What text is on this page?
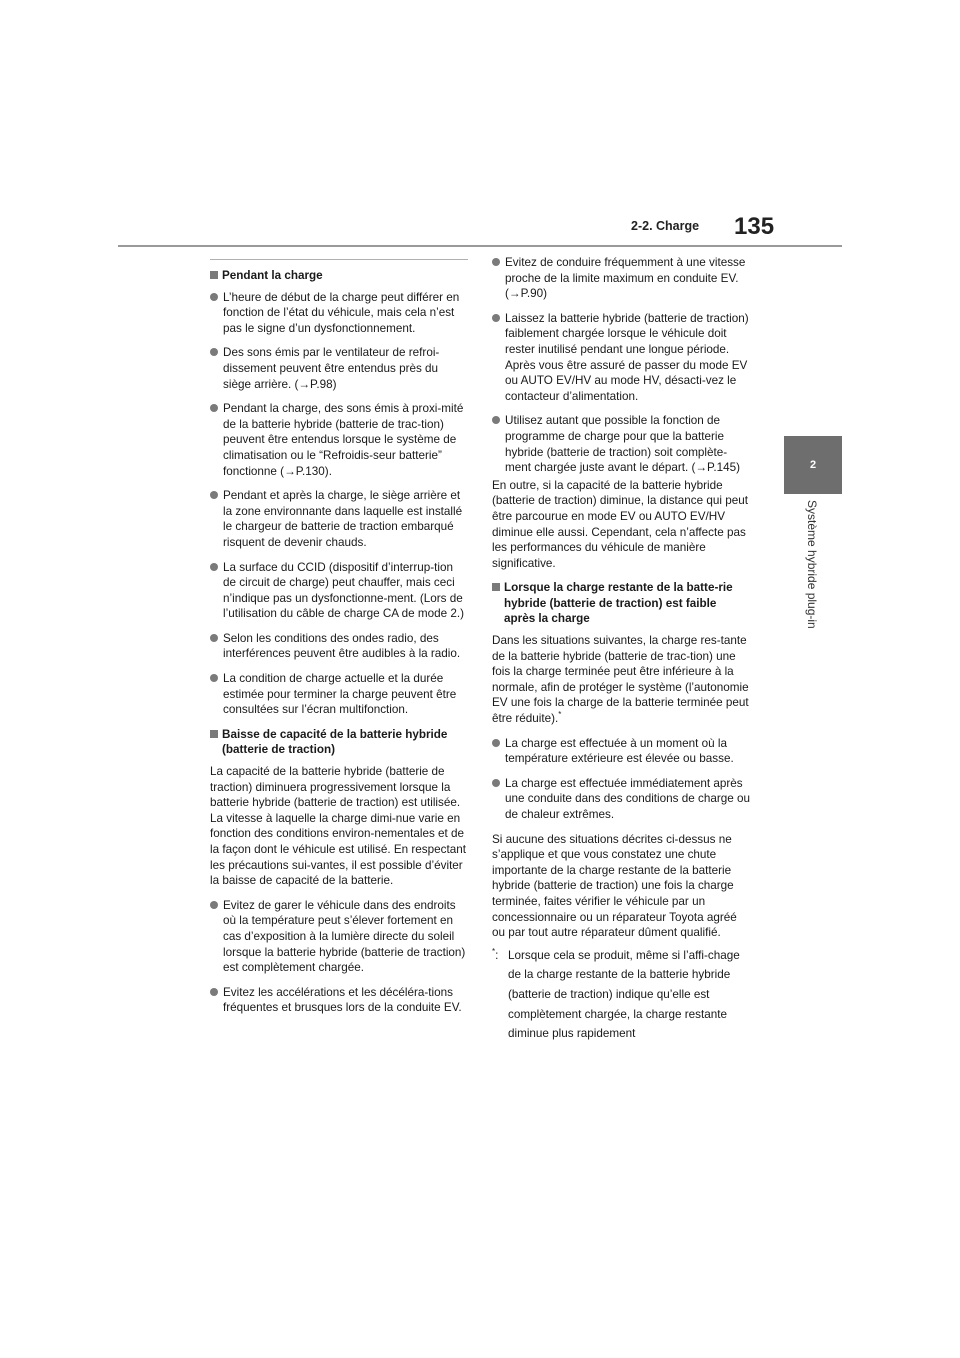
2-2. Charge 135
2
Système hybride plug-in
Pendant la charge
L’heure de début de la charge peut différer en fonction de l’état du véhicule, mais cela n’est pas le signe d’un dysfonctionnement.
Des sons émis par le ventilateur de refroi-dissement peuvent être entendus près du siège arrière. (→P.98)
Pendant la charge, des sons émis à proxi-mité de la batterie hybride (batterie de trac-tion) peuvent être entendus lorsque le système de climatisation ou le “Refroidis-seur batterie” fonctionne (→P.130).
Pendant et après la charge, le siège arrière et la zone environnante dans laquelle est installé le chargeur de batterie de traction embarqué risquent de devenir chauds.
La surface du CCID (dispositif d’interrup-tion de circuit de charge) peut chauffer, mais ceci n’indique pas un dysfonctionne-ment. (Lors de l’utilisation du câble de charge CA de mode 2.)
Selon les conditions des ondes radio, des interférences peuvent être audibles à la radio.
La condition de charge actuelle et la durée estimée pour terminer la charge peuvent être consultées sur l’écran multifonction.
Baisse de capacité de la batterie hybride (batterie de traction)
La capacité de la batterie hybride (batterie de traction) diminuera progressivement lorsque la batterie hybride (batterie de traction) est utilisée. La vitesse à laquelle la charge dimi-nue varie en fonction des conditions environ-nementales et de la façon dont le véhicule est utilisé. En respectant les précautions sui-vantes, il est possible d’éviter la baisse de capacité de la batterie.
Evitez de garer le véhicule dans des endroits où la température peut s’élever fortement en cas d’exposition à la lumière directe du soleil lorsque la batterie hybride (batterie de traction) est complètement chargée.
Evitez les accélérations et les décéléra-tions fréquentes et brusques lors de la conduite EV.
Evitez de conduire fréquemment à une vitesse proche de la limite maximum en conduite EV. (→P.90)
Laissez la batterie hybride (batterie de traction) faiblement chargée lorsque le véhicule doit rester inutilisé pendant une longue période.
Après vous être assuré de passer du mode EV ou AUTO EV/HV au mode HV, désacti-vez le contacteur d’alimentation.
Utilisez autant que possible la fonction de programme de charge pour que la batterie hybride (batterie de traction) soit complète-ment chargée juste avant le départ. (→P.145)
En outre, si la capacité de la batterie hybride (batterie de traction) diminue, la distance qui peut être parcourue en mode EV ou AUTO EV/HV diminue elle aussi. Cependant, cela n’affecte pas les performances du véhicule de manière significative.
Lorsque la charge restante de la batte-rie hybride (batterie de traction) est faible après la charge
Dans les situations suivantes, la charge res-tante de la batterie hybride (batterie de trac-tion) une fois la charge terminée peut être inférieure à la normale, afin de protéger le système (l’autonomie EV une fois la charge de la batterie terminée peut être réduite).*
La charge est effectuée à un moment où la température extérieure est élevée ou basse.
La charge est effectuée immédiatement après une conduite dans des conditions de charge ou de chaleur extrêmes.
Si aucune des situations décrites ci-dessus ne s’applique et que vous constatez une chute importante de la charge restante de la batterie hybride (batterie de traction) une fois la charge terminée, faites vérifier le véhicule par un concessionnaire ou un réparateur Toyota agréé ou par tout autre réparateur dûment qualifié.
*: Lorsque cela se produit, même si l’affi-chage de la charge restante de la batterie hybride (batterie de traction) indique qu’elle est complètement chargée, la charge restante diminue plus rapidement
